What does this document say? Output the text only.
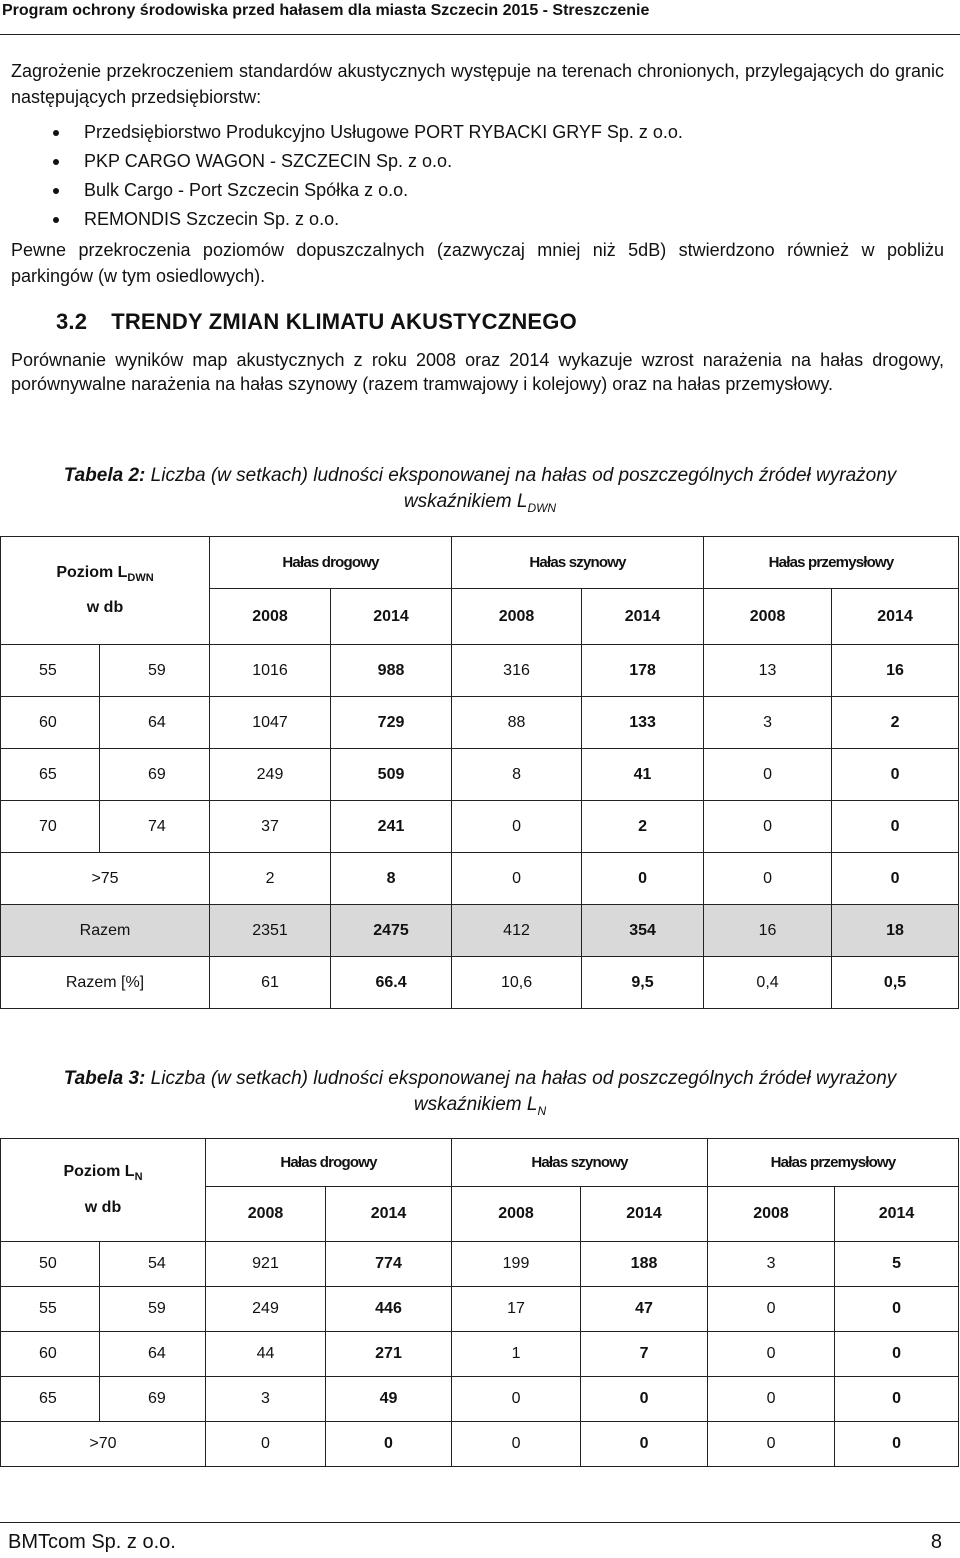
Program ochrony środowiska przed hałasem dla miasta Szczecin 2015 - Streszczenie
Zagrożenie przekroczeniem standardów akustycznych występuje na terenach chronionych, przylegających do granic następujących przedsiębiorstw:
Przedsiębiorstwo Produkcyjno Usługowe PORT RYBACKI GRYF Sp. z o.o.
PKP CARGO WAGON - SZCZECIN Sp. z o.o.
Bulk Cargo - Port Szczecin Spółka z o.o.
REMONDIS Szczecin Sp. z o.o.
Pewne przekroczenia poziomów dopuszczalnych (zazwyczaj mniej niż 5dB) stwierdzono również w pobliżu parkingów (w tym osiedlowych).
3.2 TRENDY ZMIAN KLIMATU AKUSTYCZNEGO
Porównanie wyników map akustycznych z roku 2008 oraz 2014 wykazuje wzrost narażenia na hałas drogowy, porównywalne narażenia na hałas szynowy (razem tramwajowy i kolejowy) oraz na hałas przemysłowy.
Tabela 2: Liczba (w setkach) ludności eksponowanej na hałas od poszczególnych źródeł wyrażony wskaźnikiem $L_{DWN}$
Poziom $L_{DWN}$
w db		Hałas drogowy		Hałas szynowy		Hałas przemysłowy	
		2008	2014	2008	2014	2008	2014
55	59	1016	988	316	178	13	16
60	64	1047	729	88	133	3	2
65	69	249	509	8	41	0	0
70	74	37	241	0	2	0	0
>75		2	8	0	0	0	0
Razem		2351	2475	412	354	16	18
Razem [%]		61	66.4	10,6	9,5	0,4	0,5
Tabela 3: Liczba (w setkach) ludności eksponowanej na hałas od poszczególnych źródeł wyrażony wskaźnikiem $L_N$
Poziom $L_N$
w db		Hałas drogowy		Hałas szynowy		Hałas przemysłowy	
		2008	2014	2008	2014	2008	2014
50	54	921	774	199	188	3	5
55	59	249	446	17	47	0	0
60	64	44	271	1	7	0	0
65	69	3	49	0	0	0	0
>70		0	0	0	0	0	0
BMTcom Sp. z o.o.	8
